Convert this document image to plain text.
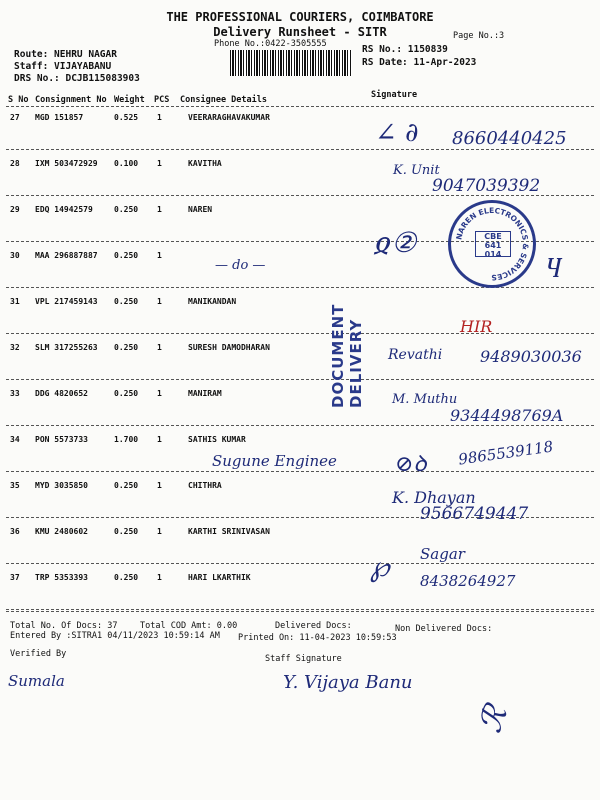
THE PROFESSIONAL COURIERS, COIMBATORE
Delivery Runsheet - SITR
Phone No.:0422-3505555
Page No.:3
Route: NEHRU NAGAR
Staff: VIJAYABANU
DRS No.: DCJB115083903
RS No.: 1150839
RS Date: 11-Apr-2023
S No Consignment No Weight PCS Consignee Details	Signature
27 MGD 151857	0.525 1	VEERARAGHAVAKUMAR
28 IXM 503472929 0.100 1	KAVITHA
29 EDQ 14942579	0.250 1	NAREN
30 MAA 296887887 0.250 1
31 VPL 217459143 0.250 1	MANIKANDAN
32 SLM 317255263 0.250 1	SURESH DAMODHARAN
33 DDG 4820652	0.250 1	MANIRAM
34 PON 5573733	1.700 1	SATHIS KUMAR
35 MYD 3035850	0.250 1	CHITHRA
36 KMU 2480602	0.250 1	KARTHI SRINIVASAN
37 TRP 5353393	0.250 1	HARI LKARTHIK
DOCUMENT DELIVERY
NAREN ELECTRONICS & SERVICES
CBE
641 014
∠ ∂ 8660440425
K. Unit
9047039392
ჲ②
— do —	Ⴗ
HIR
Revathi 9489030036
M. Muthu
9344498769A
Sugune Enginee	⊘ꝺ 9865539118
K. Dhayan
9566749447
℘ Sagar
8438264927
Total No. Of Docs: 37	Total COD Amt: 0.00	Delivered Docs:	Non Delivered Docs:
Entered By :SITRA1 04/11/2023 10:59:14 AM Printed On: 11-04-2023 10:59:53
Verified By	Staff Signature
Sumala	Y. Vijaya Banu
ℛ
